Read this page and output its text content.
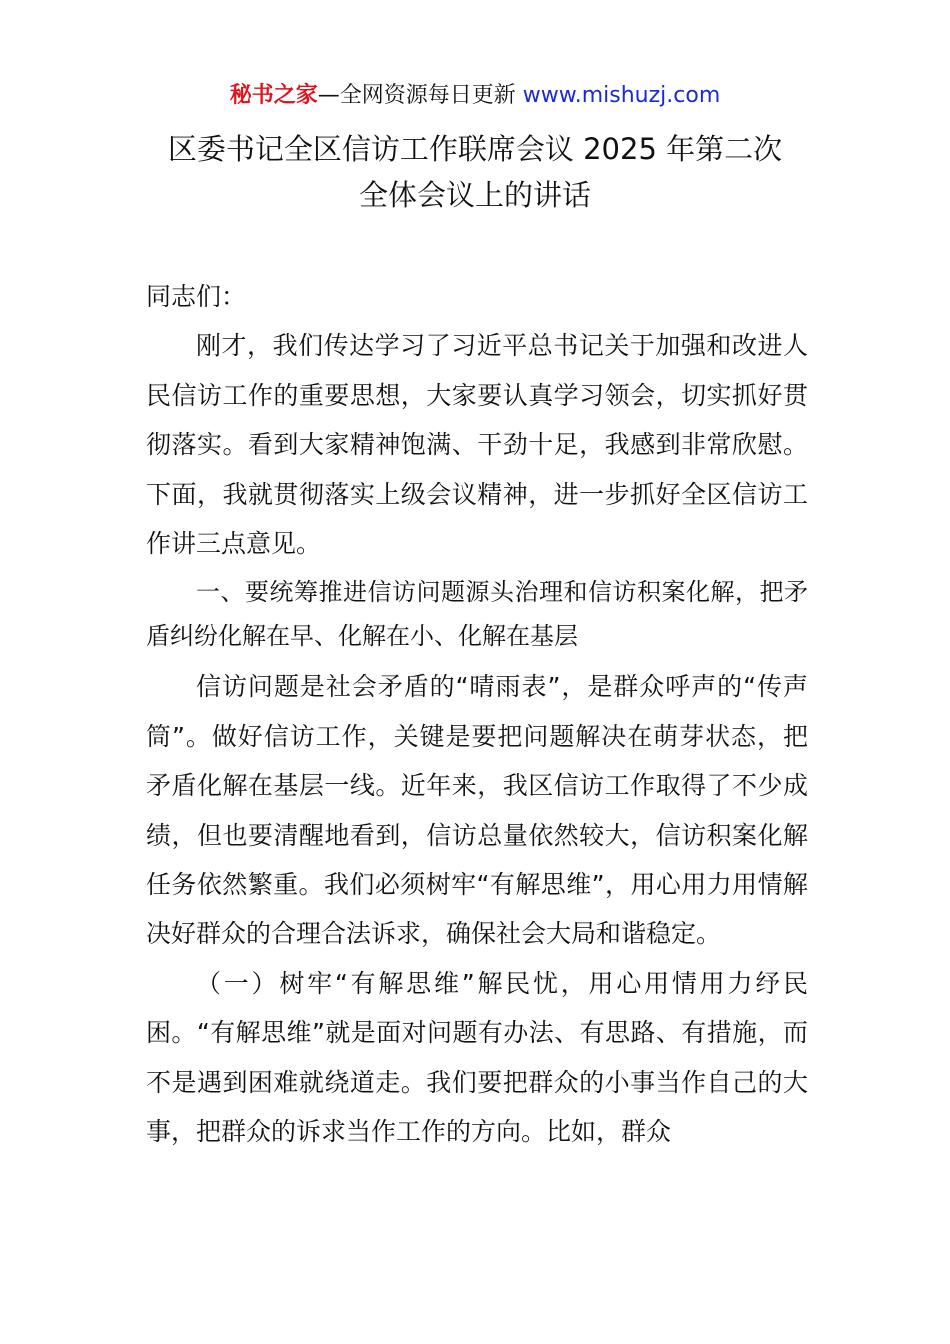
秘书之家—全网资源每日更新 www.mishuzj.com
区委书记全区信访工作联席会议 2025 年第二次
全体会议上的讲话

同志们：

刚才，我们传达学习了习近平总书记关于加强和改进人民信访工作的重要思想，大家要认真学习领会，切实抓好贯彻落实。看到大家精神饱满、干劲十足，我感到非常欣慰。下面，我就贯彻落实上级会议精神，进一步抓好全区信访工作讲三点意见。

一、要统筹推进信访问题源头治理和信访积案化解，把矛盾纠纷化解在早、化解在小、化解在基层

信访问题是社会矛盾的“晴雨表”，是群众呼声的“传声筒”。做好信访工作，关键是要把问题解决在萌芽状态，把矛盾化解在基层一线。近年来，我区信访工作取得了不少成绩，但也要清醒地看到，信访总量依然较大，信访积案化解任务依然繁重。我们必须树牢“有解思维”，用心用力用情解决好群众的合理合法诉求，确保社会大局和谐稳定。

（一）树牢“有解思维”解民忧，用心用情用力纾民困。“有解思维”就是面对问题有办法、有思路、有措施，而不是遇到困难就绕道走。我们要把群众的小事当作自己的大事，把群众的诉求当作工作的方向。比如，群众
